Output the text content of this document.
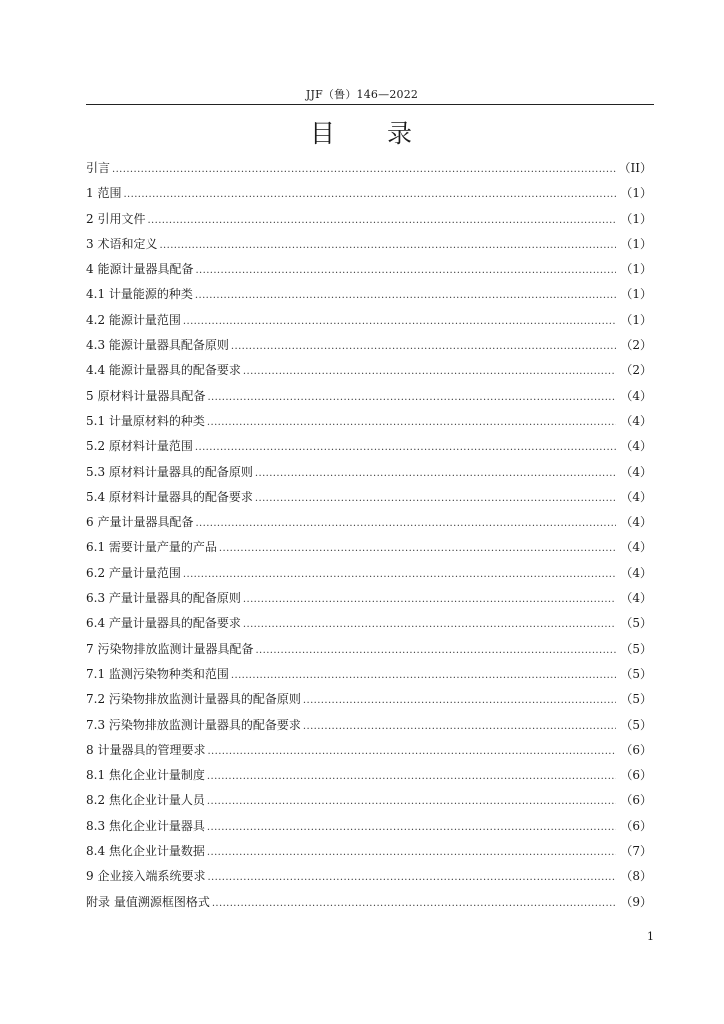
JJF（鲁）146—2022
目 录
引言 .....	（II）
1 范围 .....	（1）
2 引用文件 .....	（1）
3 术语和定义 .....	（1）
4 能源计量器具配备 .....	（1）
4.1 计量能源的种类 .....	（1）
4.2 能源计量范围 .....	（1）
4.3 能源计量器具配备原则 .....	（2）
4.4 能源计量器具的配备要求 .....	（2）
5 原材料计量器具配备 .....	（4）
5.1 计量原材料的种类 .....	（4）
5.2 原材料计量范围 .....	（4）
5.3 原材料计量器具的配备原则 .....	（4）
5.4 原材料计量器具的配备要求 .....	（4）
6 产量计量器具配备 .....	（4）
6.1 需要计量产量的产品 .....	（4）
6.2 产量计量范围 .....	（4）
6.3 产量计量器具的配备原则 .....	（4）
6.4 产量计量器具的配备要求 .....	（5）
7 污染物排放监测计量器具配备 .....	（5）
7.1 监测污染物种类和范围 .....	（5）
7.2 污染物排放监测计量器具的配备原则 .....	（5）
7.3 污染物排放监测计量器具的配备要求 .....	（5）
8 计量器具的管理要求 .....	（6）
8.1 焦化企业计量制度 .....	（6）
8.2 焦化企业计量人员 .....	（6）
8.3 焦化企业计量器具 .....	（6）
8.4 焦化企业计量数据 .....	（7）
9 企业接入端系统要求 .....	（8）
附录 量值溯源框图格式 .....	（9）
1
